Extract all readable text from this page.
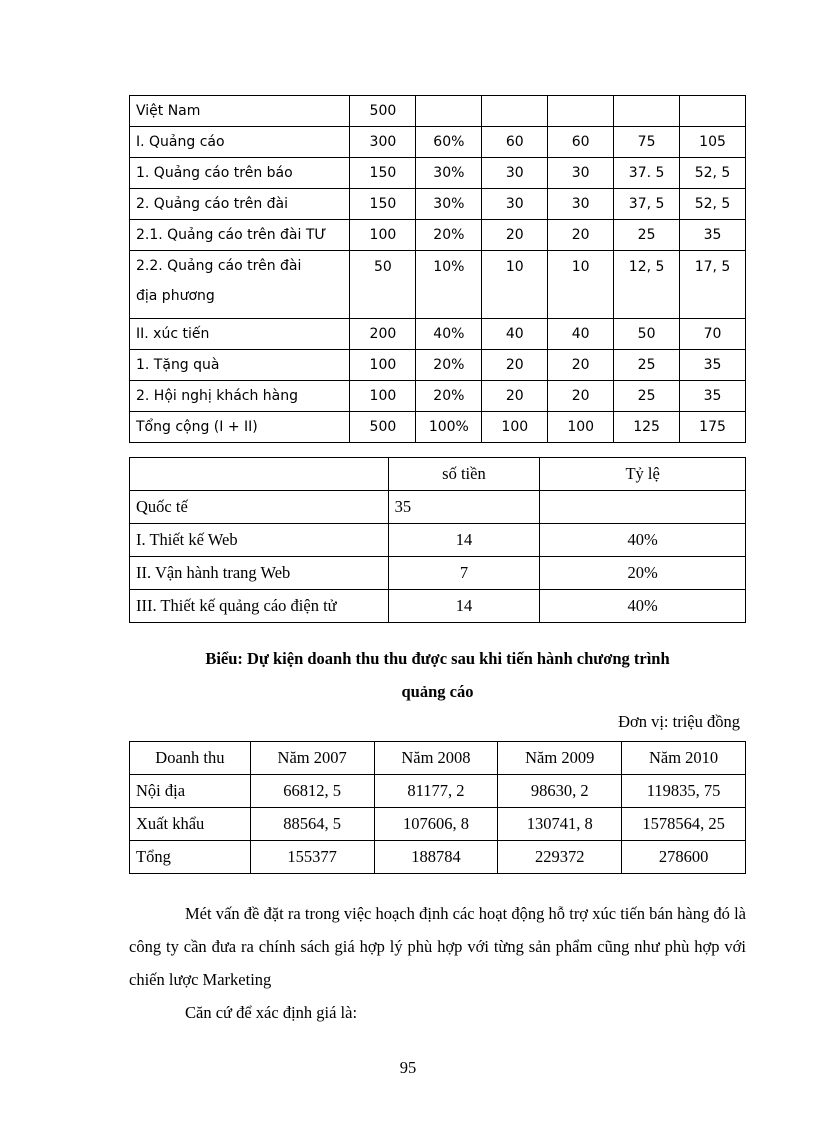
Việt Nam	500					
I. Quảng cáo	300	60%	60	60	75	105
1. Quảng cáo trên báo	150	30%	30	30	37. 5	52, 5
2. Quảng cáo trên đài	150	30%	30	30	37, 5	52, 5
2.1. Quảng cáo trên đài TƯ	100	20%	20	20	25	35
2.2. Quảng cáo trên đài
địa phương	50	10%	10	10	12, 5	17, 5
II. xúc tiến	200	40%	40	40	50	70
1. Tặng quà	100	20%	20	20	25	35
2. Hội nghị khách hàng	100	20%	20	20	25	35
Tổng cộng (I + II)	500	100%	100	100	125	175
	số tiền	Tỷ lệ
Quốc tế	35	
I. Thiết kế Web	14	40%
II. Vận hành trang Web	7	20%
III. Thiết kế quảng cáo điện tử	14	40%
Biểu: Dự kiện doanh thu thu được sau khi tiến hành chương trình
quảng cáo
Đơn vị: triệu đồng
Doanh thu	Năm 2007	Năm 2008	Năm 2009	Năm 2010
Nội địa	66812, 5	81177, 2	98630, 2	119835, 75
Xuất khẩu	88564, 5	107606, 8	130741, 8	1578564, 25
Tổng	155377	188784	229372	278600
Mét vấn đề đặt ra trong việc hoạch định các hoạt động hỗ trợ xúc tiến bán hàng đó là công ty cần đưa ra chính sách giá hợp lý phù hợp với từng sản phẩm cũng như phù hợp với chiến lược Marketing
Căn cứ để xác định giá là:
95
